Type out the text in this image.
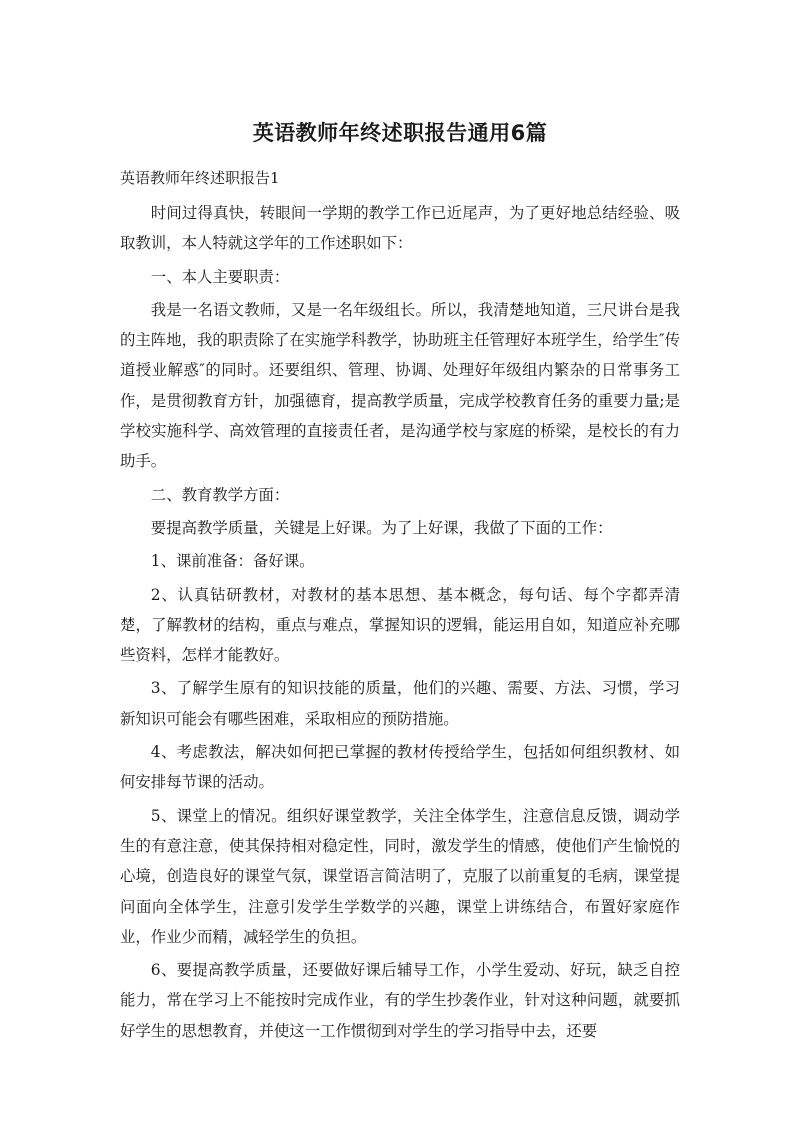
英语教师年终述职报告通用6篇
英语教师年终述职报告1

时间过得真快，转眼间一学期的教学工作已近尾声，为了更好地总结经验、吸取教训，本人特就这学年的工作述职如下：

一、本人主要职责：

我是一名语文教师，又是一名年级组长。所以，我清楚地知道，三尺讲台是我的主阵地，我的职责除了在实施学科教学，协助班主任管理好本班学生，给学生″传道授业解惑″的同时。还要组织、管理、协调、处理好年级组内繁杂的日常事务工作，是贯彻教育方针，加强德育，提高教学质量，完成学校教育任务的重要力量;是学校实施科学、高效管理的直接责任者，是沟通学校与家庭的桥梁，是校长的有力助手。

二、教育教学方面：

要提高教学质量，关键是上好课。为了上好课，我做了下面的工作：

1、课前准备：备好课。

2、认真钻研教材，对教材的基本思想、基本概念，每句话、每个字都弄清楚，了解教材的结构，重点与难点，掌握知识的逻辑，能运用自如，知道应补充哪些资料，怎样才能教好。

3、了解学生原有的知识技能的质量，他们的兴趣、需要、方法、习惯，学习新知识可能会有哪些困难，采取相应的预防措施。

4、考虑教法，解决如何把已掌握的教材传授给学生，包括如何组织教材、如何安排每节课的活动。

5、课堂上的情况。组织好课堂教学，关注全体学生，注意信息反馈，调动学生的有意注意，使其保持相对稳定性，同时，激发学生的情感，使他们产生愉悦的心境，创造良好的课堂气氛，课堂语言简洁明了，克服了以前重复的毛病，课堂提问面向全体学生，注意引发学生学数学的兴趣，课堂上讲练结合，布置好家庭作业，作业少而精，减轻学生的负担。

6、要提高教学质量，还要做好课后辅导工作，小学生爱动、好玩，缺乏自控能力，常在学习上不能按时完成作业，有的学生抄袭作业，针对这种问题，就要抓好学生的思想教育，并使这一工作惯彻到对学生的学习指导中去，还要
